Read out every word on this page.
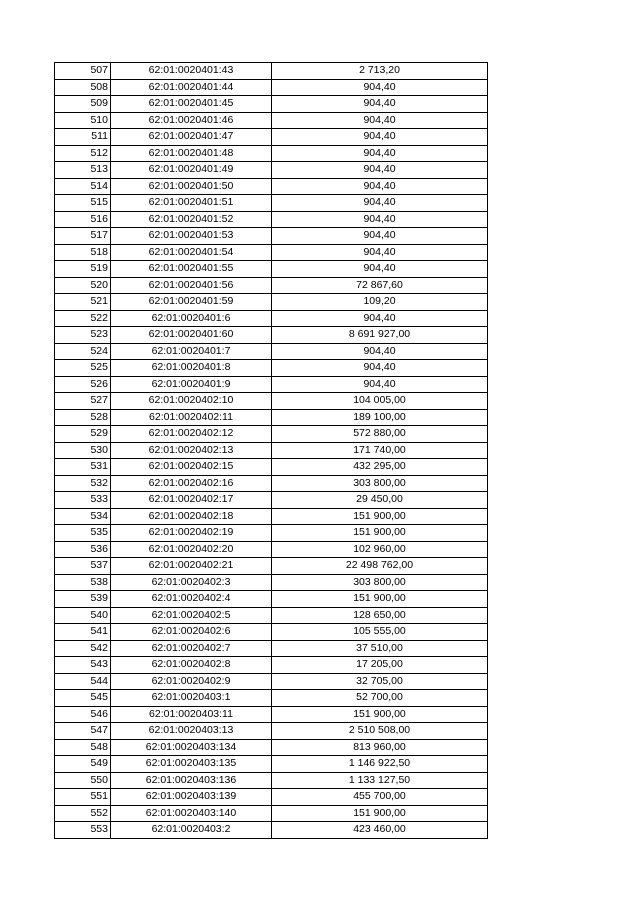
507	62:01:0020401:43	2 713,20
508	62:01:0020401:44	904,40
509	62:01:0020401:45	904,40
510	62:01:0020401:46	904,40
511	62:01:0020401:47	904,40
512	62:01:0020401:48	904,40
513	62:01:0020401:49	904,40
514	62:01:0020401:50	904,40
515	62:01:0020401:51	904,40
516	62:01:0020401:52	904,40
517	62:01:0020401:53	904,40
518	62:01:0020401:54	904,40
519	62:01:0020401:55	904,40
520	62:01:0020401:56	72 867,60
521	62:01:0020401:59	109,20
522	62:01:0020401:6	904,40
523	62:01:0020401:60	8 691 927,00
524	62:01:0020401:7	904,40
525	62:01:0020401:8	904,40
526	62:01:0020401:9	904,40
527	62:01:0020402:10	104 005,00
528	62:01:0020402:11	189 100,00
529	62:01:0020402:12	572 880,00
530	62:01:0020402:13	171 740,00
531	62:01:0020402:15	432 295,00
532	62:01:0020402:16	303 800,00
533	62:01:0020402:17	29 450,00
534	62:01:0020402:18	151 900,00
535	62:01:0020402:19	151 900,00
536	62:01:0020402:20	102 960,00
537	62:01:0020402:21	22 498 762,00
538	62:01:0020402:3	303 800,00
539	62:01:0020402:4	151 900,00
540	62:01:0020402:5	128 650,00
541	62:01:0020402:6	105 555,00
542	62:01:0020402:7	37 510,00
543	62:01:0020402:8	17 205,00
544	62:01:0020402:9	32 705,00
545	62:01:0020403:1	52 700,00
546	62:01:0020403:11	151 900,00
547	62:01:0020403:13	2 510 508,00
548	62:01:0020403:134	813 960,00
549	62:01:0020403:135	1 146 922,50
550	62:01:0020403:136	1 133 127,50
551	62:01:0020403:139	455 700,00
552	62:01:0020403:140	151 900,00
553	62:01:0020403:2	423 460,00
